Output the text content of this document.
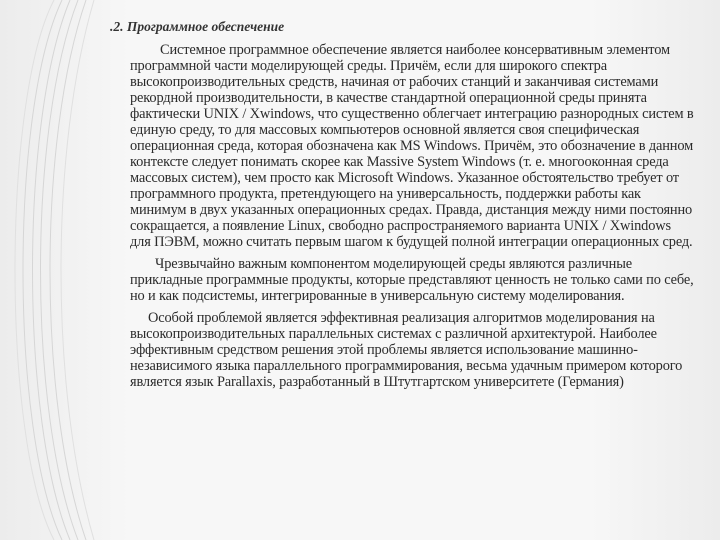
.2. Программное обеспечение

Системное программное обеспечение является наиболее консервативным элементом программной части моделирующей среды. Причём, если для широкого спектра высокопроизводительных средств, начиная от рабочих станций и заканчивая системами рекордной производительности, в качестве стандартной операционной среды принята фактически UNIX / Xwindows, что существенно облегчает интеграцию разнородных систем в единую среду, то для массовых компьютеров основной является своя специфическая операционная среда, которая обозначена как MS Windows. Причём, это обозначение в данном контексте следует понимать скорее как Massive System Windows (т. е. многооконная среда массовых систем), чем просто как Microsoft Windows. Указанное обстоятельство требует от программного продукта, претендующего на универсальность, поддержки работы как минимум в двух указанных операционных средах. Правда, дистанция между ними постоянно сокращается, а появление Linux, свободно распространяемого варианта UNIX / Xwindows для ПЭВМ, можно считать первым шагом к будущей полной интеграции операционных сред.

Чрезвычайно важным компонентом моделирующей среды являются различные прикладные программные продукты, которые представляют ценность не только сами по себе, но и как подсистемы, интегрированные в универсальную систему моделирования.

Особой проблемой является эффективная реализация алгоритмов моделирования на высокопроизводительных параллельных системах с различной архитектурой. Наиболее эффективным средством решения этой проблемы является использование машинно-независимого языка параллельного программирования, весьма удачным примером которого является язык Parallaxis, разработанный в Штутгартском университете (Германия)
